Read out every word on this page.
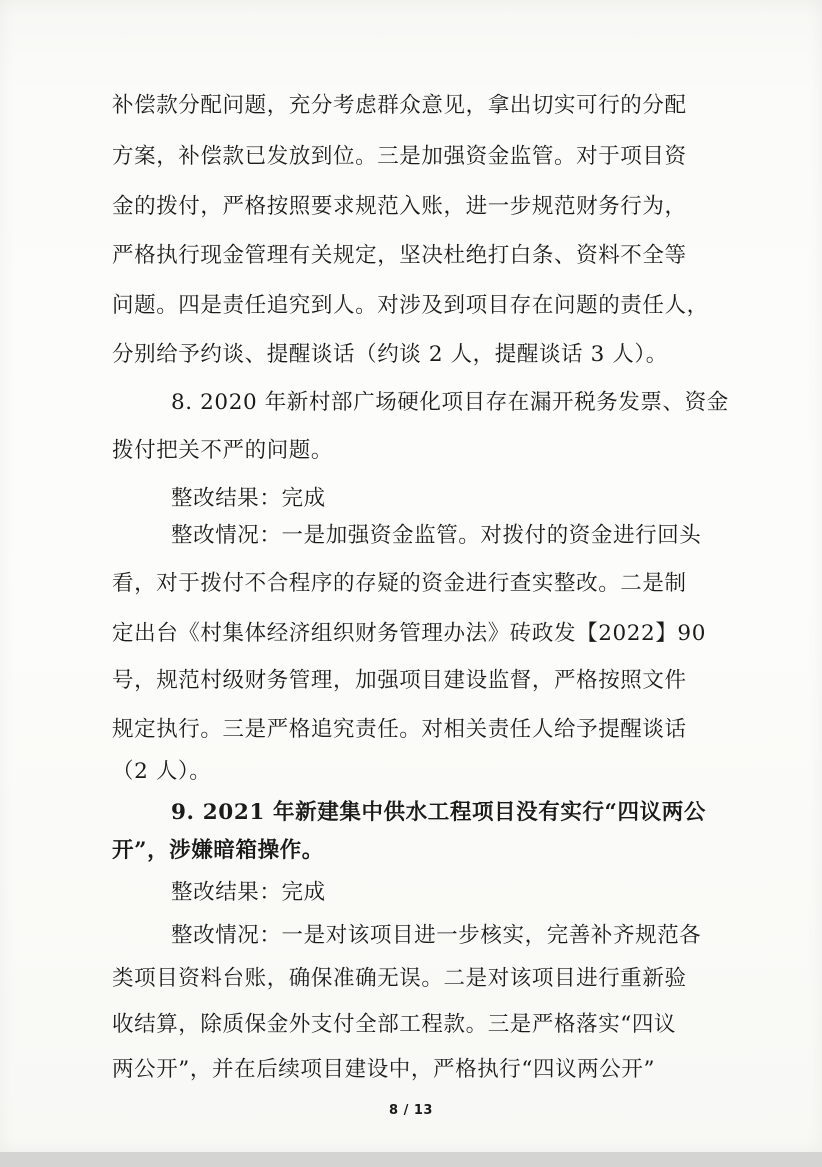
补偿款分配问题，充分考虑群众意见，拿出切实可行的分配
方案，补偿款已发放到位。三是加强资金监管。对于项目资
金的拨付，严格按照要求规范入账，进一步规范财务行为，
严格执行现金管理有关规定，坚决杜绝打白条、资料不全等
问题。四是责任追究到人。对涉及到项目存在问题的责任人，
分别给予约谈、提醒谈话（约谈 2 人，提醒谈话 3 人）。
8. 2020 年新村部广场硬化项目存在漏开税务发票、资金
拨付把关不严的问题。
整改结果：完成
整改情况：一是加强资金监管。对拨付的资金进行回头
看，对于拨付不合程序的存疑的资金进行查实整改。二是制
定出台《村集体经济组织财务管理办法》砖政发【2022】90
号，规范村级财务管理，加强项目建设监督，严格按照文件
规定执行。三是严格追究责任。对相关责任人给予提醒谈话
（2 人）。
9. 2021 年新建集中供水工程项目没有实行“四议两公
开”，涉嫌暗箱操作。
整改结果：完成
整改情况：一是对该项目进一步核实，完善补齐规范各
类项目资料台账，确保准确无误。二是对该项目进行重新验
收结算，除质保金外支付全部工程款。三是严格落实“四议
两公开”，并在后续项目建设中，严格执行“四议两公开”
8 / 13
